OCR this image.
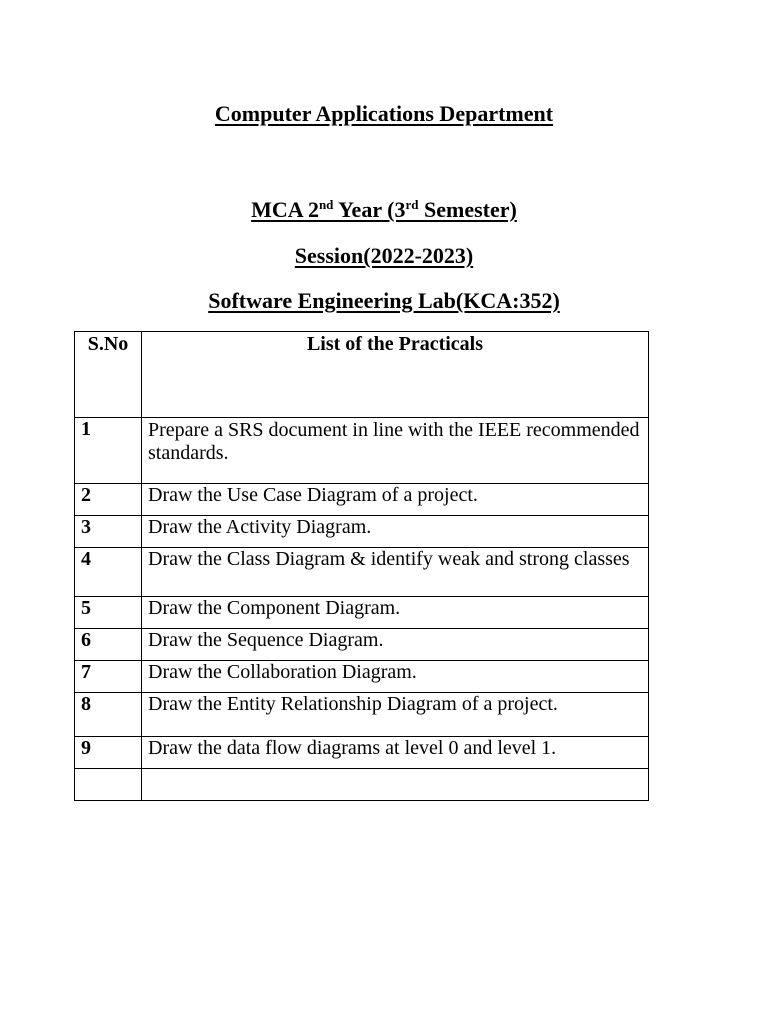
Computer Applications Department
MCA 2nd Year (3rd Semester)
Session(2022-2023)
Software Engineering Lab(KCA:352)
S.No	List of the Practicals
1	Prepare a SRS document in line with the IEEE recommended standards.
2	Draw the Use Case Diagram of a project.
3	Draw the Activity Diagram.
4	Draw the Class Diagram & identify weak and strong classes
5	Draw the Component Diagram.
6	Draw the Sequence Diagram.
7	Draw the Collaboration Diagram.
8	Draw the Entity Relationship Diagram of a project.
9	Draw the data flow diagrams at level 0 and level 1.
